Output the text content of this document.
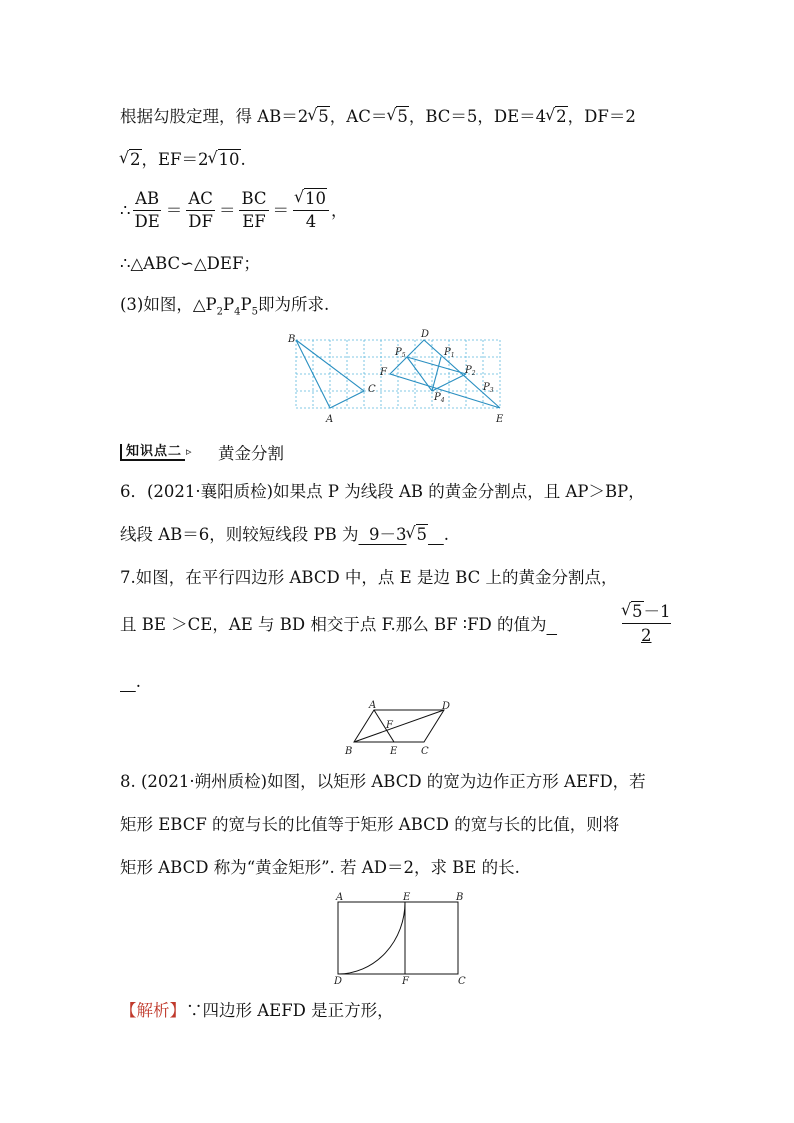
根据勾股定理，得 AB＝2 √ 5，AC＝ √ 5，BC＝5，DE＝4 √ 2，DF＝2
√ 2，EF＝2 √ 10.
∴ $\frac{AB}{DE} = \frac{AC}{DF} = \frac{BC}{EF}$ ＝ √ $\frac{10}{4}$ ，
∴△ABC∽△DEF；
(3)如图，$\triangle P_2P_4P_5$即为所求.
B
A
C
D
F
E
$P_5$	$P_1$
$P_2$
$P_3$
$P_4$
知识点二 ▹ 黄金分割
6．(2021·襄阳质检)如果点 P 为线段 AB 的黄金分割点，且 AP＞BP，
线段 AB＝6，则较短线段 PB 为 9－3 √ 5 .
7.如图，在平行四边形 ABCD 中，点 E 是边 BC 上的黄金分割点，
且 BE ＞CE，AE 与 BD 相交于点 F.那么 BF ∶FD 的值为
√ 5－1
2
.
A	D
F
B	E C
8. (2021·朔州质检)如图，以矩形 ABCD 的宽为边作正方形 AEFD，若
矩形 EBCF 的宽与长的比值等于矩形 ABCD 的宽与长的比值，则将
矩形 ABCD 称为“黄金矩形”. 若 AD＝2，求 BE 的长.
A	E	B
D	F	C
【解析】∵四边形 AEFD 是正方形，
